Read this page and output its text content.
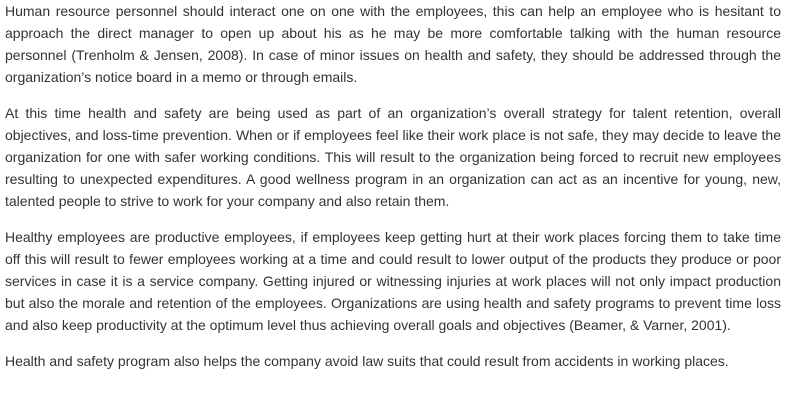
Human resource personnel should interact one on one with the employees, this can help an employee who is hesitant to approach the direct manager to open up about his as he may be more comfortable talking with the human resource personnel (Trenholm & Jensen, 2008). In case of minor issues on health and safety, they should be addressed through the organization’s notice board in a memo or through emails.

At this time health and safety are being used as part of an organization’s overall strategy for talent retention, overall objectives, and loss-time prevention. When or if employees feel like their work place is not safe, they may decide to leave the organization for one with safer working conditions. This will result to the organization being forced to recruit new employees resulting to unexpected expenditures. A good wellness program in an organization can act as an incentive for young, new, talented people to strive to work for your company and also retain them.

Healthy employees are productive employees, if employees keep getting hurt at their work places forcing them to take time off this will result to fewer employees working at a time and could result to lower output of the products they produce or poor services in case it is a service company. Getting injured or witnessing injuries at work places will not only impact production but also the morale and retention of the employees. Organizations are using health and safety programs to prevent time loss and also keep productivity at the optimum level thus achieving overall goals and objectives (Beamer, & Varner, 2001).

Health and safety program also helps the company avoid law suits that could result from accidents in working places.
